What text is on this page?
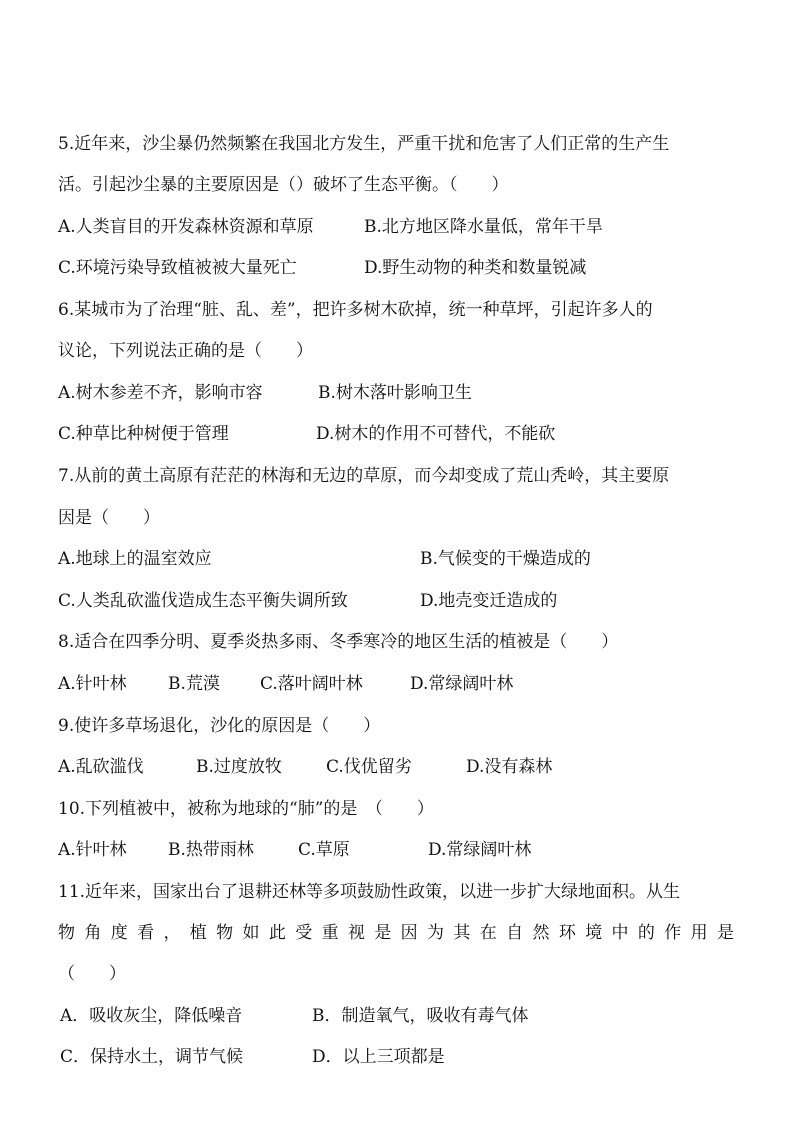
5.近年来，沙尘暴仍然频繁在我国北方发生，严重干扰和危害了人们正常的生产生
活。引起沙尘暴的主要原因是（）破坏了生态平衡。（　　）
A.人类盲目的开发森林资源和草原	B.北方地区降水量低，常年干旱
C.环境污染导致植被被大量死亡	D.野生动物的种类和数量锐减
6.某城市为了治理“脏、乱、差”，把许多树木砍掉，统一种草坪，引起许多人的
议论，下列说法正确的是（　　）
A.树木参差不齐，影响市容	B.树木落叶影响卫生
C.种草比种树便于管理	D.树木的作用不可替代，不能砍
7.从前的黄土高原有茫茫的林海和无边的草原，而今却变成了荒山秃岭，其主要原
因是（　　）
A.地球上的温室效应	B.气候变的干燥造成的
C.人类乱砍滥伐造成生态平衡失调所致	D.地壳变迁造成的
8.适合在四季分明、夏季炎热多雨、冬季寒冷的地区生活的植被是（　　）
A.针叶林 B.荒漠 C.落叶阔叶林	D.常绿阔叶林
9.使许多草场退化，沙化的原因是（　　）
A.乱砍滥伐	B.过度放牧	C.伐优留劣	D.没有森林
10.下列植被中，被称为地球的“肺”的是　（　　）
A.针叶林 B.热带雨林	C.草原	D.常绿阔叶林
11.近年来，国家出台了退耕还林等多项鼓励性政策，以进一步扩大绿地面积。从生
物角度看，植物如此受重视是因为其在自然环境中的作用是
（　　）
A．吸收灰尘，降低噪音	B．制造氧气，吸收有毒气体
C．保持水土，调节气候	D．以上三项都是
